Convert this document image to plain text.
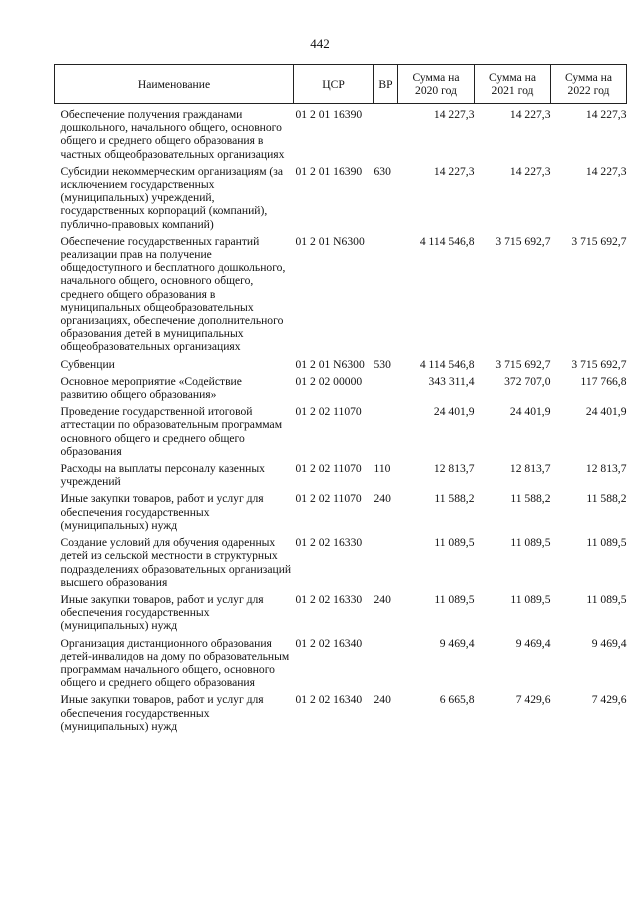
442
Наименование	ЦСР	ВР	Сумма на 2020 год	Сумма на 2021 год	Сумма на 2022 год
Обеспечение получения гражданами дошкольного, начального общего, основного общего и среднего общего образования в частных общеобразовательных организациях	01 2 01 16390		14 227,3	14 227,3	14 227,3
Субсидии некоммерческим организациям (за исключением государственных (муниципальных) учреждений, государственных корпораций (компаний), публично-правовых компаний)	01 2 01 16390	630	14 227,3	14 227,3	14 227,3
Обеспечение государственных гарантий реализации прав на получение общедоступного и бесплатного дошкольного, начального общего, основного общего, среднего общего образования в муниципальных общеобразовательных организациях, обеспечение дополнительного образования детей в муниципальных общеобразовательных организациях	01 2 01 N6300		4 114 546,8	3 715 692,7	3 715 692,7
Субвенции	01 2 01 N6300	530	4 114 546,8	3 715 692,7	3 715 692,7
Основное мероприятие «Содействие развитию общего образования»	01 2 02 00000		343 311,4	372 707,0	117 766,8
Проведение государственной итоговой аттестации по образовательным программам основного общего и среднего общего образования	01 2 02 11070		24 401,9	24 401,9	24 401,9
Расходы на выплаты персоналу казенных учреждений	01 2 02 11070	110	12 813,7	12 813,7	12 813,7
Иные закупки товаров, работ и услуг для обеспечения государственных (муниципальных) нужд	01 2 02 11070	240	11 588,2	11 588,2	11 588,2
Создание условий для обучения одаренных детей из сельской местности в структурных подразделениях образовательных организаций высшего образования	01 2 02 16330		11 089,5	11 089,5	11 089,5
Иные закупки товаров, работ и услуг для обеспечения государственных (муниципальных) нужд	01 2 02 16330	240	11 089,5	11 089,5	11 089,5
Организация дистанционного образования детей-инвалидов на дому по образовательным программам начального общего, основного общего и среднего общего образования	01 2 02 16340		9 469,4	9 469,4	9 469,4
Иные закупки товаров, работ и услуг для обеспечения государственных (муниципальных) нужд	01 2 02 16340	240	6 665,8	7 429,6	7 429,6
